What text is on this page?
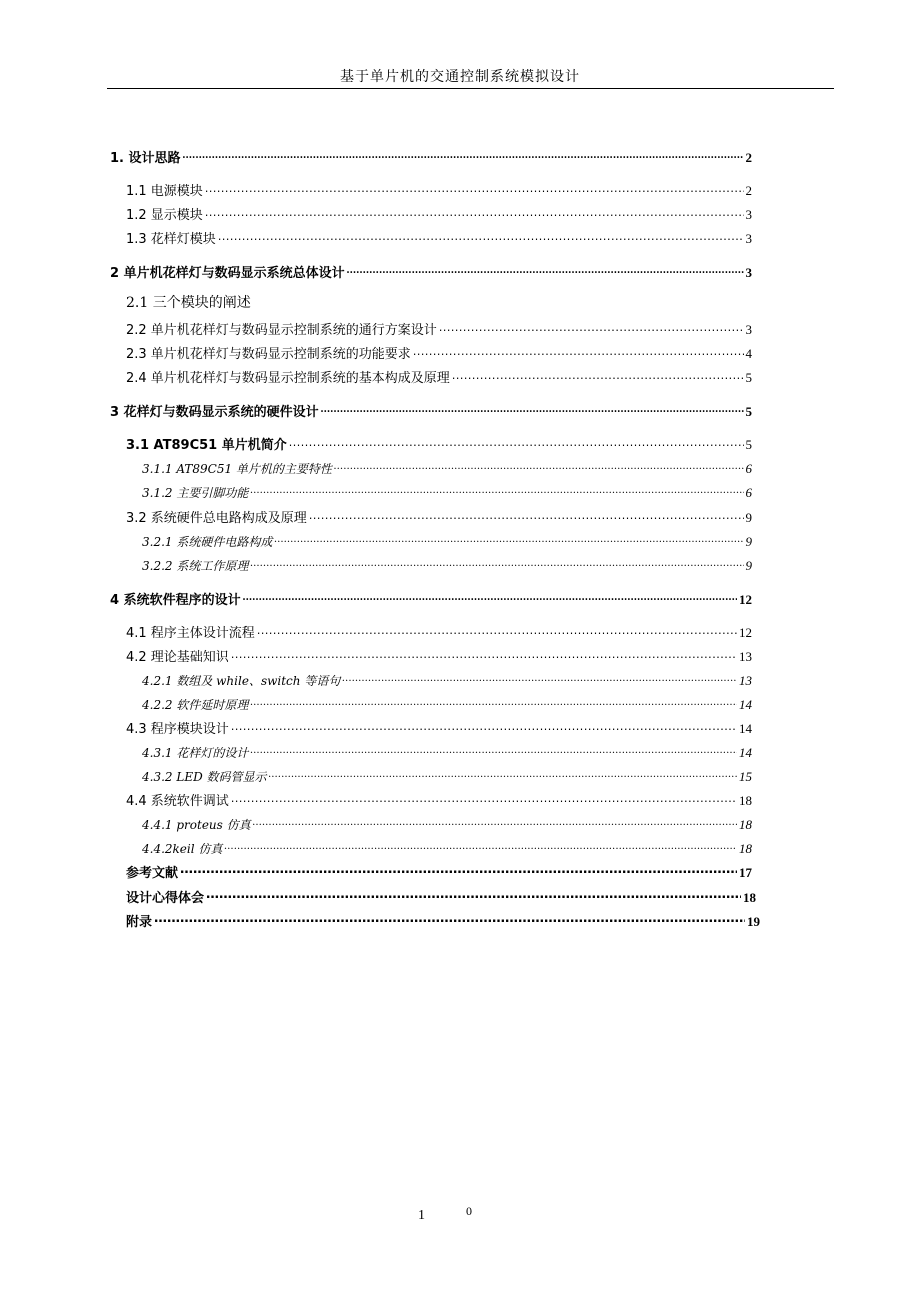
基于单片机的交通控制系统模拟设计
1. 设计思路 .....	2
1.1 电源模块 .....	2
1.2 显示模块 .....	3
1.3 花样灯模块 .....	3
2 单片机花样灯与数码显示系统总体设计 .....	3
2.1 三个模块的阐述
2.2 单片机花样灯与数码显示控制系统的通行方案设计 .....	3
2.3 单片机花样灯与数码显示控制系统的功能要求 .....	4
2.4 单片机花样灯与数码显示控制系统的基本构成及原理 .....	5
3 花样灯与数码显示系统的硬件设计 .....	5
3.1 AT89C51 单片机简介 .....	5
3.1.1 AT89C51 单片机的主要特性 .....	6
3.1.2 主要引脚功能 .....	6
3.2 系统硬件总电路构成及原理 .....	9
3.2.1 系统硬件电路构成 .....	9
3.2.2 系统工作原理 .....	9
4 系统软件程序的设计 .....	12
4.1 程序主体设计流程 .....	12
4.2 理论基础知识 .....	13
4.2.1 数组及 while、switch 等语句 .....	13
4.2.2 软件延时原理 .....	14
4.3 程序模块设计 .....	14
4.3.1 花样灯的设计 .....	14
4.3.2 LED 数码管显示 .....	15
4.4 系统软件调试 .....	18
4.4.1 proteus 仿真 .....	18
4.4.2keil 仿真 .....	18
参考文献 …………………………………………………………………………………………………………………………………………………………………………………………	17
设计心得体会 …………………………………………………………………………………………………………………………………………………………………………………………	18
附录 …………………………………………………………………………………………………………………………………………………………………………………………	19
1	0
